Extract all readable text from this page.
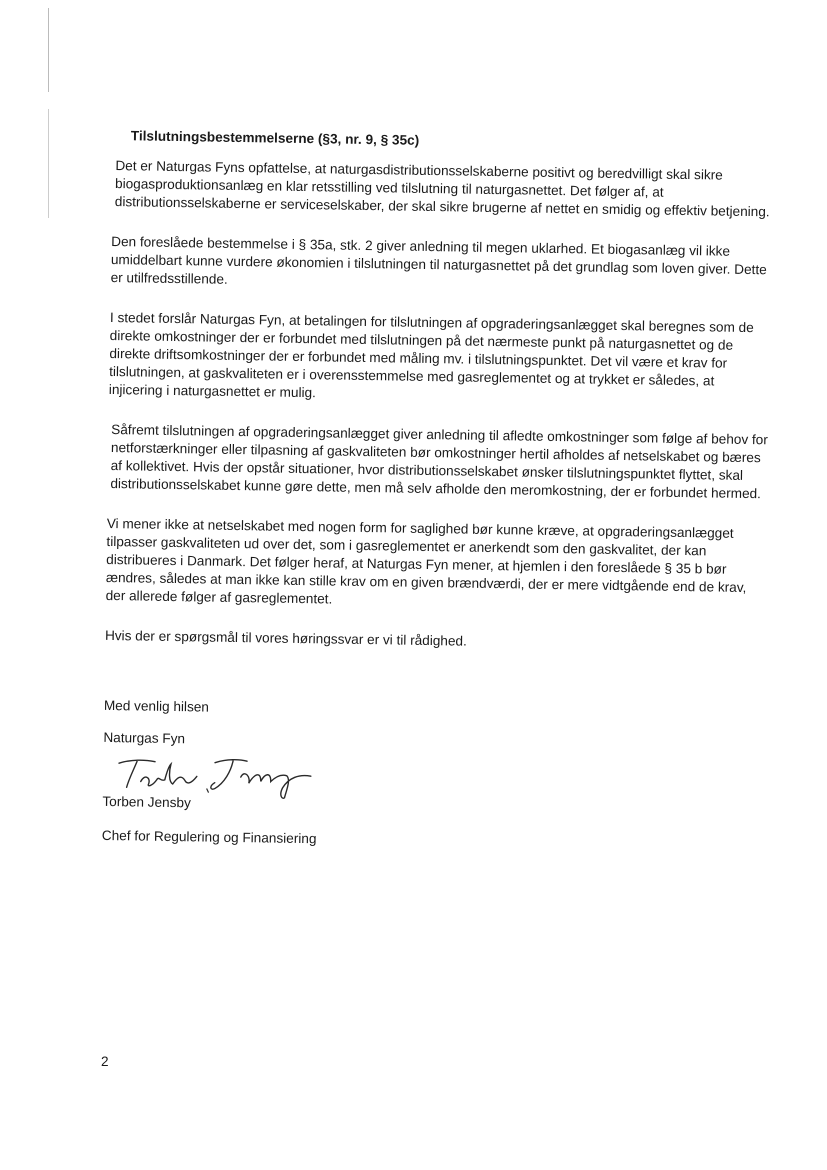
Tilslutningsbestemmelserne (§3, nr. 9, § 35c)

Det er Naturgas Fyns opfattelse, at naturgasdistributionsselskaberne positivt og beredvilligt skal sikre biogasproduktionsanlæg en klar retsstilling ved tilslutning til naturgasnettet. Det følger af, at distributionsselskaberne er serviceselskaber, der skal sikre brugerne af nettet en smidig og effektiv betjening.

Den foreslåede bestemmelse i § 35a, stk. 2 giver anledning til megen uklarhed. Et biogasanlæg vil ikke umiddelbart kunne vurdere økonomien i tilslutningen til naturgasnettet på det grundlag som loven giver. Dette er utilfredsstillende.

I stedet forslår Naturgas Fyn, at betalingen for tilslutningen af opgraderingsanlægget skal beregnes som de direkte omkostninger der er forbundet med tilslutningen på det nærmeste punkt på naturgasnettet og de direkte driftsomkostninger der er forbundet med måling mv. i tilslutningspunktet. Det vil være et krav for tilslutningen, at gaskvaliteten er i overensstemmelse med gasreglementet og at trykket er således, at injicering i naturgasnettet er mulig.

Såfremt tilslutningen af opgraderingsanlægget giver anledning til afledte omkostninger som følge af behov for netforstærkninger eller tilpasning af gaskvaliteten bør omkostninger hertil afholdes af netselskabet og bæres af kollektivet. Hvis der opstår situationer, hvor distributionsselskabet ønsker tilslutningspunktet flyttet, skal distributionsselskabet kunne gøre dette, men må selv afholde den meromkostning, der er forbundet hermed.

Vi mener ikke at netselskabet med nogen form for saglighed bør kunne kræve, at opgraderingsanlægget tilpasser gaskvaliteten ud over det, som i gasreglementet er anerkendt som den gaskvalitet, der kan distribueres i Danmark. Det følger heraf, at Naturgas Fyn mener, at hjemlen i den foreslåede § 35 b bør ændres, således at man ikke kan stille krav om en given brændværdi, der er mere vidtgående end de krav, der allerede følger af gasreglementet.

Hvis der er spørgsmål til vores høringssvar er vi til rådighed.

Med venlig hilsen

Naturgas Fyn

Torben Jensby

Chef for Regulering og Finansiering

2
